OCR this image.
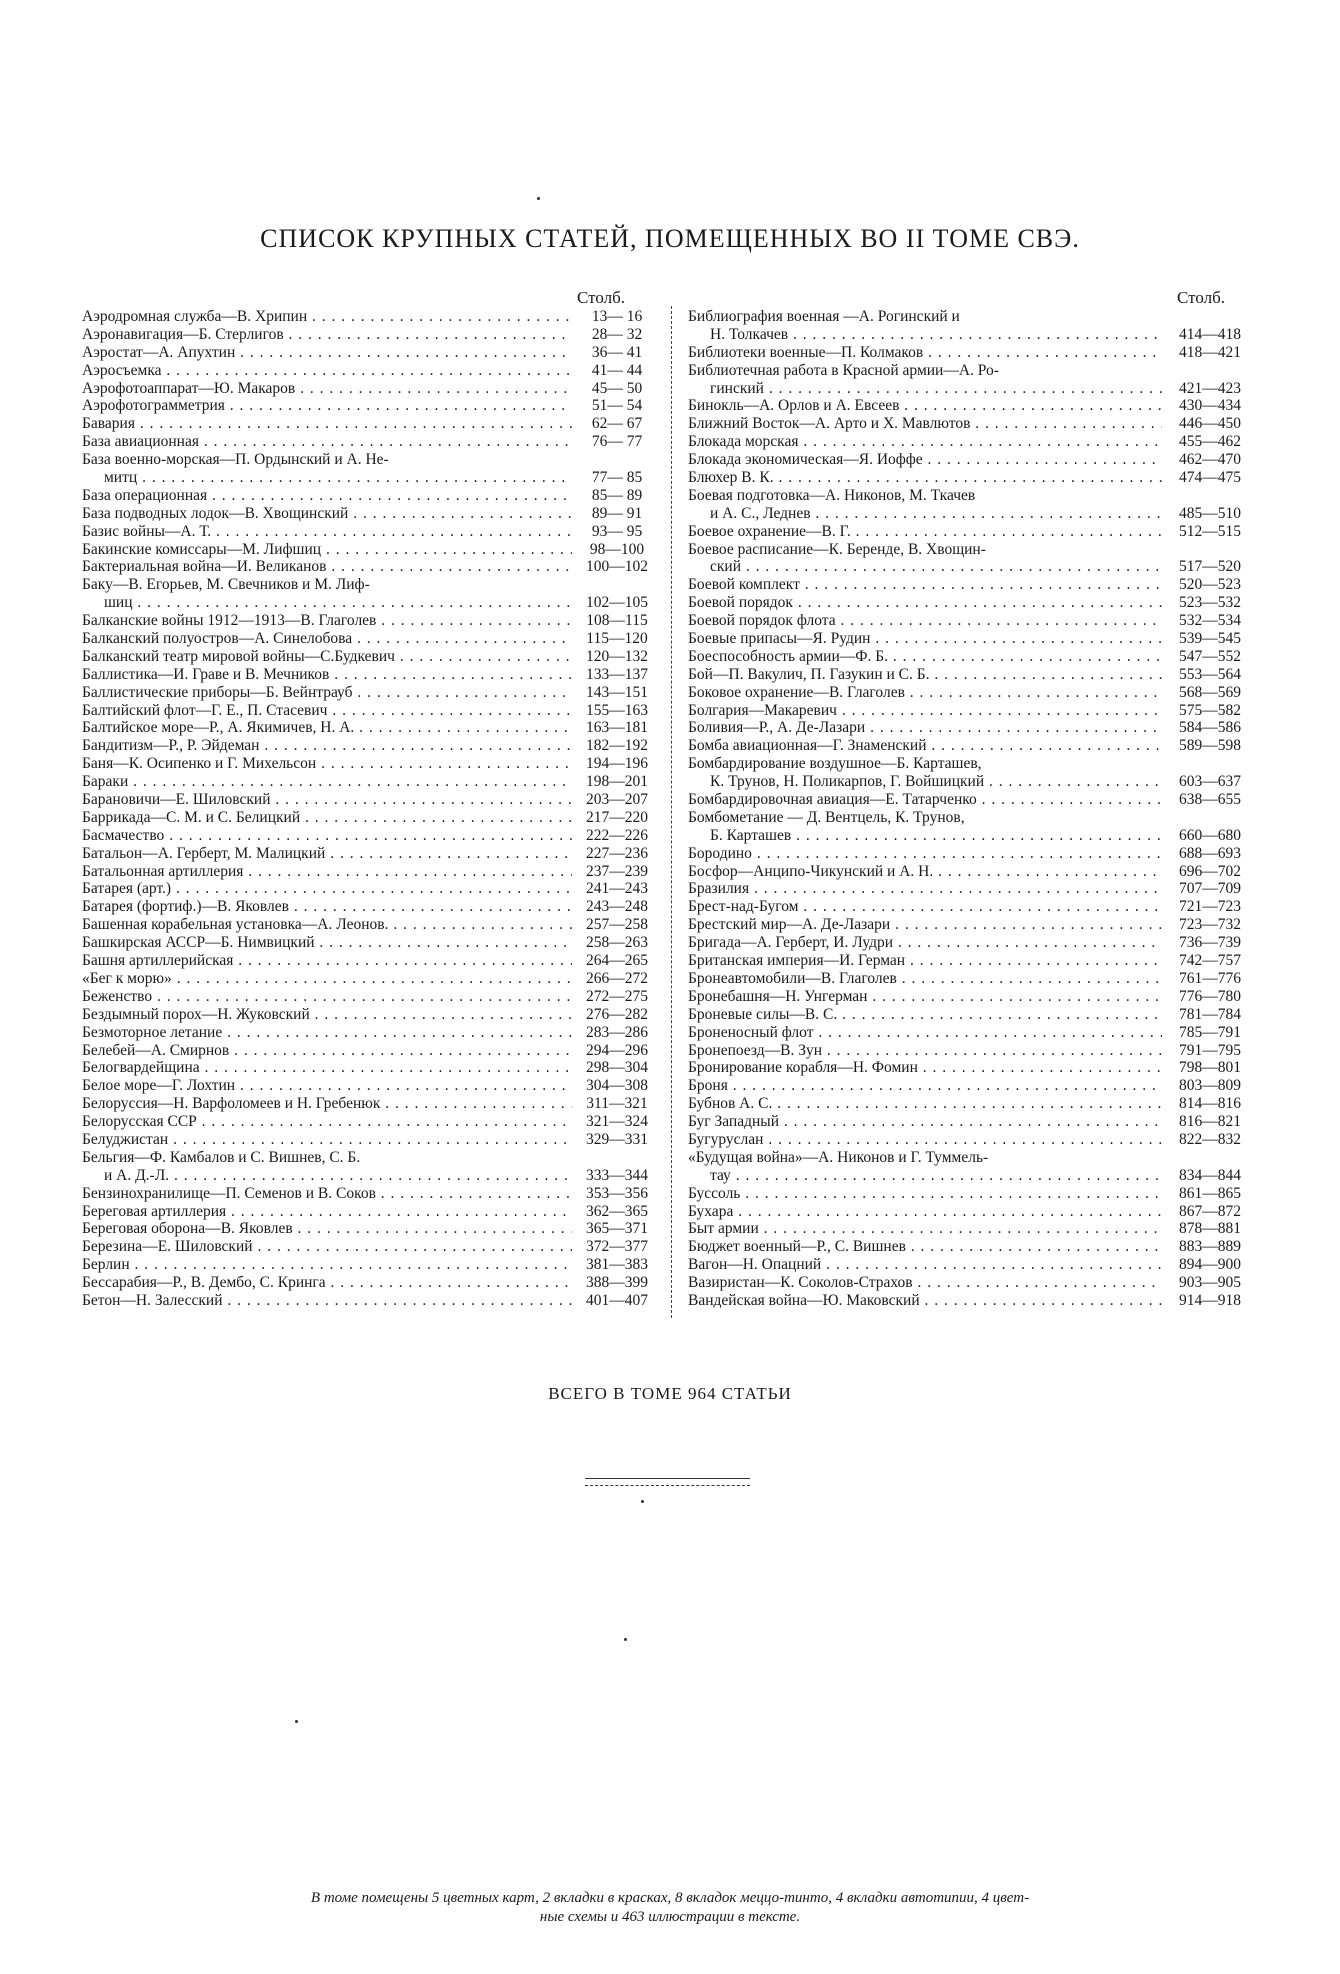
СПИСОК КРУПНЫХ СТАТЕЙ, ПОМЕЩЕННЫХ ВО II ТОМЕ СВЭ.
Столб.	Столб.
Аэродромная служба—В. Хрипин . . .	13— 16
Аэронавигация—Б. Стерлигов . . .	28— 32
Аэростат—А. Апухтин . . .	36— 41
Аэросъемка . . .	41— 44
Аэрофотоаппарат—Ю. Макаров . . .	45— 50
Аэрофотограмметрия . . .	51— 54
Бавария . . .	62— 67
База авиационная . . .	76— 77
База военно-морская—П. Ордынский и А. Не-
митц . . .	77— 85
База операционная . . .	85— 89
База подводных лодок—В. Хвощинский . . .	89— 91
Базис войны—А. Т. . . .	93— 95
Бакинские комиссары—М. Лифшиц . . .	98—100
Бактериальная война—И. Великанов . . .	100—102
Баку—В. Егорьев, М. Свечников и М. Лиф-
шиц . . .	102—105
Балканские войны 1912—1913—В. Глаголев . . .	108—115
Балканский полуостров—А. Синелобова . . .	115—120
Балканский театр мировой войны—С.Будкевич . . .	120—132
Баллистика—И. Граве и В. Мечников . . .	133—137
Баллистические приборы—Б. Вейнтрауб . . .	143—151
Балтийский флот—Г. Е., П. Стасевич . . .	155—163
Балтийское море—Р., А. Якимичев, Н. А. . . .	163—181
Бандитизм—Р., Р. Эйдеман . . .	182—192
Баня—К. Осипенко и Г. Михельсон . . .	194—196
Бараки . . .	198—201
Барановичи—Е. Шиловский . . .	203—207
Баррикада—С. М. и С. Белицкий . . .	217—220
Басмачество . . .	222—226
Батальон—А. Герберт, М. Малицкий . . .	227—236
Батальонная артиллерия . . .	237—239
Батарея (арт.) . . .	241—243
Батарея (фортиф.)—В. Яковлев . . .	243—248
Башенная корабельная установка—А. Леонов. . . .	257—258
Башкирская АССР—Б. Нимвицкий . . .	258—263
Башня артиллерийская . . .	264—265
«Бег к морю» . . .	266—272
Беженство . . .	272—275
Бездымный порох—Н. Жуковский . . .	276—282
Безмоторное летание . . .	283—286
Белебей—А. Смирнов . . .	294—296
Белогвардейщина . . .	298—304
Белое море—Г. Лохтин . . .	304—308
Белоруссия—Н. Варфоломеев и Н. Гребенюк . . .	311—321
Белорусская ССР . . .	321—324
Белуджистан . . .	329—331
Бельгия—Ф. Камбалов и С. Вишнев, С. Б.
и А. Д.-Л. . . .	333—344
Бензинохранилище—П. Семенов и В. Соков . . .	353—356
Береговая артиллерия . . .	362—365
Береговая оборона—В. Яковлев . . .	365—371
Березина—Е. Шиловский . . .	372—377
Берлин . . .	381—383
Бессарабия—Р., В. Дембо, С. Кринга . . .	388—399
Бетон—Н. Залесский . . .	401—407
Библиография военная —А. Рогинский и
Н. Толкачев . . .	414—418
Библиотеки военные—П. Колмаков . . .	418—421
Библиотечная работа в Красной армии—А. Ро-
гинский . . .	421—423
Бинокль—А. Орлов и А. Евсеев . . .	430—434
Ближний Восток—А. Арто и Х. Мавлютов . . .	446—450
Блокада морская . . .	455—462
Блокада экономическая—Я. Иоффе . . .	462—470
Блюхер В. К. . . .	474—475
Боевая подготовка—А. Никонов, М. Ткачев
и А. С., Леднев . . .	485—510
Боевое охранение—В. Г. . . .	512—515
Боевое расписание—К. Беренде, В. Хвощин-
ский . . .	517—520
Боевой комплект . . .	520—523
Боевой порядок . . .	523—532
Боевой порядок флота . . .	532—534
Боевые припасы—Я. Рудин . . .	539—545
Боеспособность армии—Ф. Б. . . .	547—552
Бой—П. Вакулич, П. Газукин и С. Б. . . .	553—564
Боковое охранение—В. Глаголев . . .	568—569
Болгария—Макаревич . . .	575—582
Боливия—Р., А. Де-Лазари . . .	584—586
Бомба авиационная—Г. Знаменский . . .	589—598
Бомбардирование воздушное—Б. Карташев,
К. Трунов, Н. Поликарпов, Г. Войшицкий . . .	603—637
Бомбардировочная авиация—Е. Татарченко . . .	638—655
Бомбометание — Д. Вентцель, К. Трунов,
Б. Карташев . . .	660—680
Бородино . . .	688—693
Босфор—Анципо-Чикунский и А. Н. . . .	696—702
Бразилия . . .	707—709
Брест-над-Бугом . . .	721—723
Брестский мир—А. Де-Лазари . . .	723—732
Бригада—А. Герберт, И. Лудри . . .	736—739
Британская империя—И. Герман . . .	742—757
Бронеавтомобили—В. Глаголев . . .	761—776
Бронебашня—Н. Унгерман . . .	776—780
Броневые силы—В. С. . . .	781—784
Броненосный флот . . .	785—791
Бронепоезд—В. Зун . . .	791—795
Бронирование корабля—Н. Фомин . . .	798—801
Броня . . .	803—809
Бубнов А. С. . . .	814—816
Буг Западный . . .	816—821
Бугуруслан . . .	822—832
«Будущая война»—А. Никонов и Г. Туммель-
тау . . .	834—844
Буссоль . . .	861—865
Бухара . . .	867—872
Быт армии . . .	878—881
Бюджет военный—Р., С. Вишнев . . .	883—889
Вагон—Н. Опацний . . .	894—900
Вазиристан—К. Соколов-Страхов . . .	903—905
Вандейская война—Ю. Маковский . . .	914—918
ВСЕГО В ТОМЕ 964 СТАТЬИ
В томе помещены 5 цветных карт, 2 вкладки в красках, 8 вкладок меццо-тинто, 4 вкладки автотипии, 4 цвет-
ные схемы и 463 иллюстрации в тексте.
